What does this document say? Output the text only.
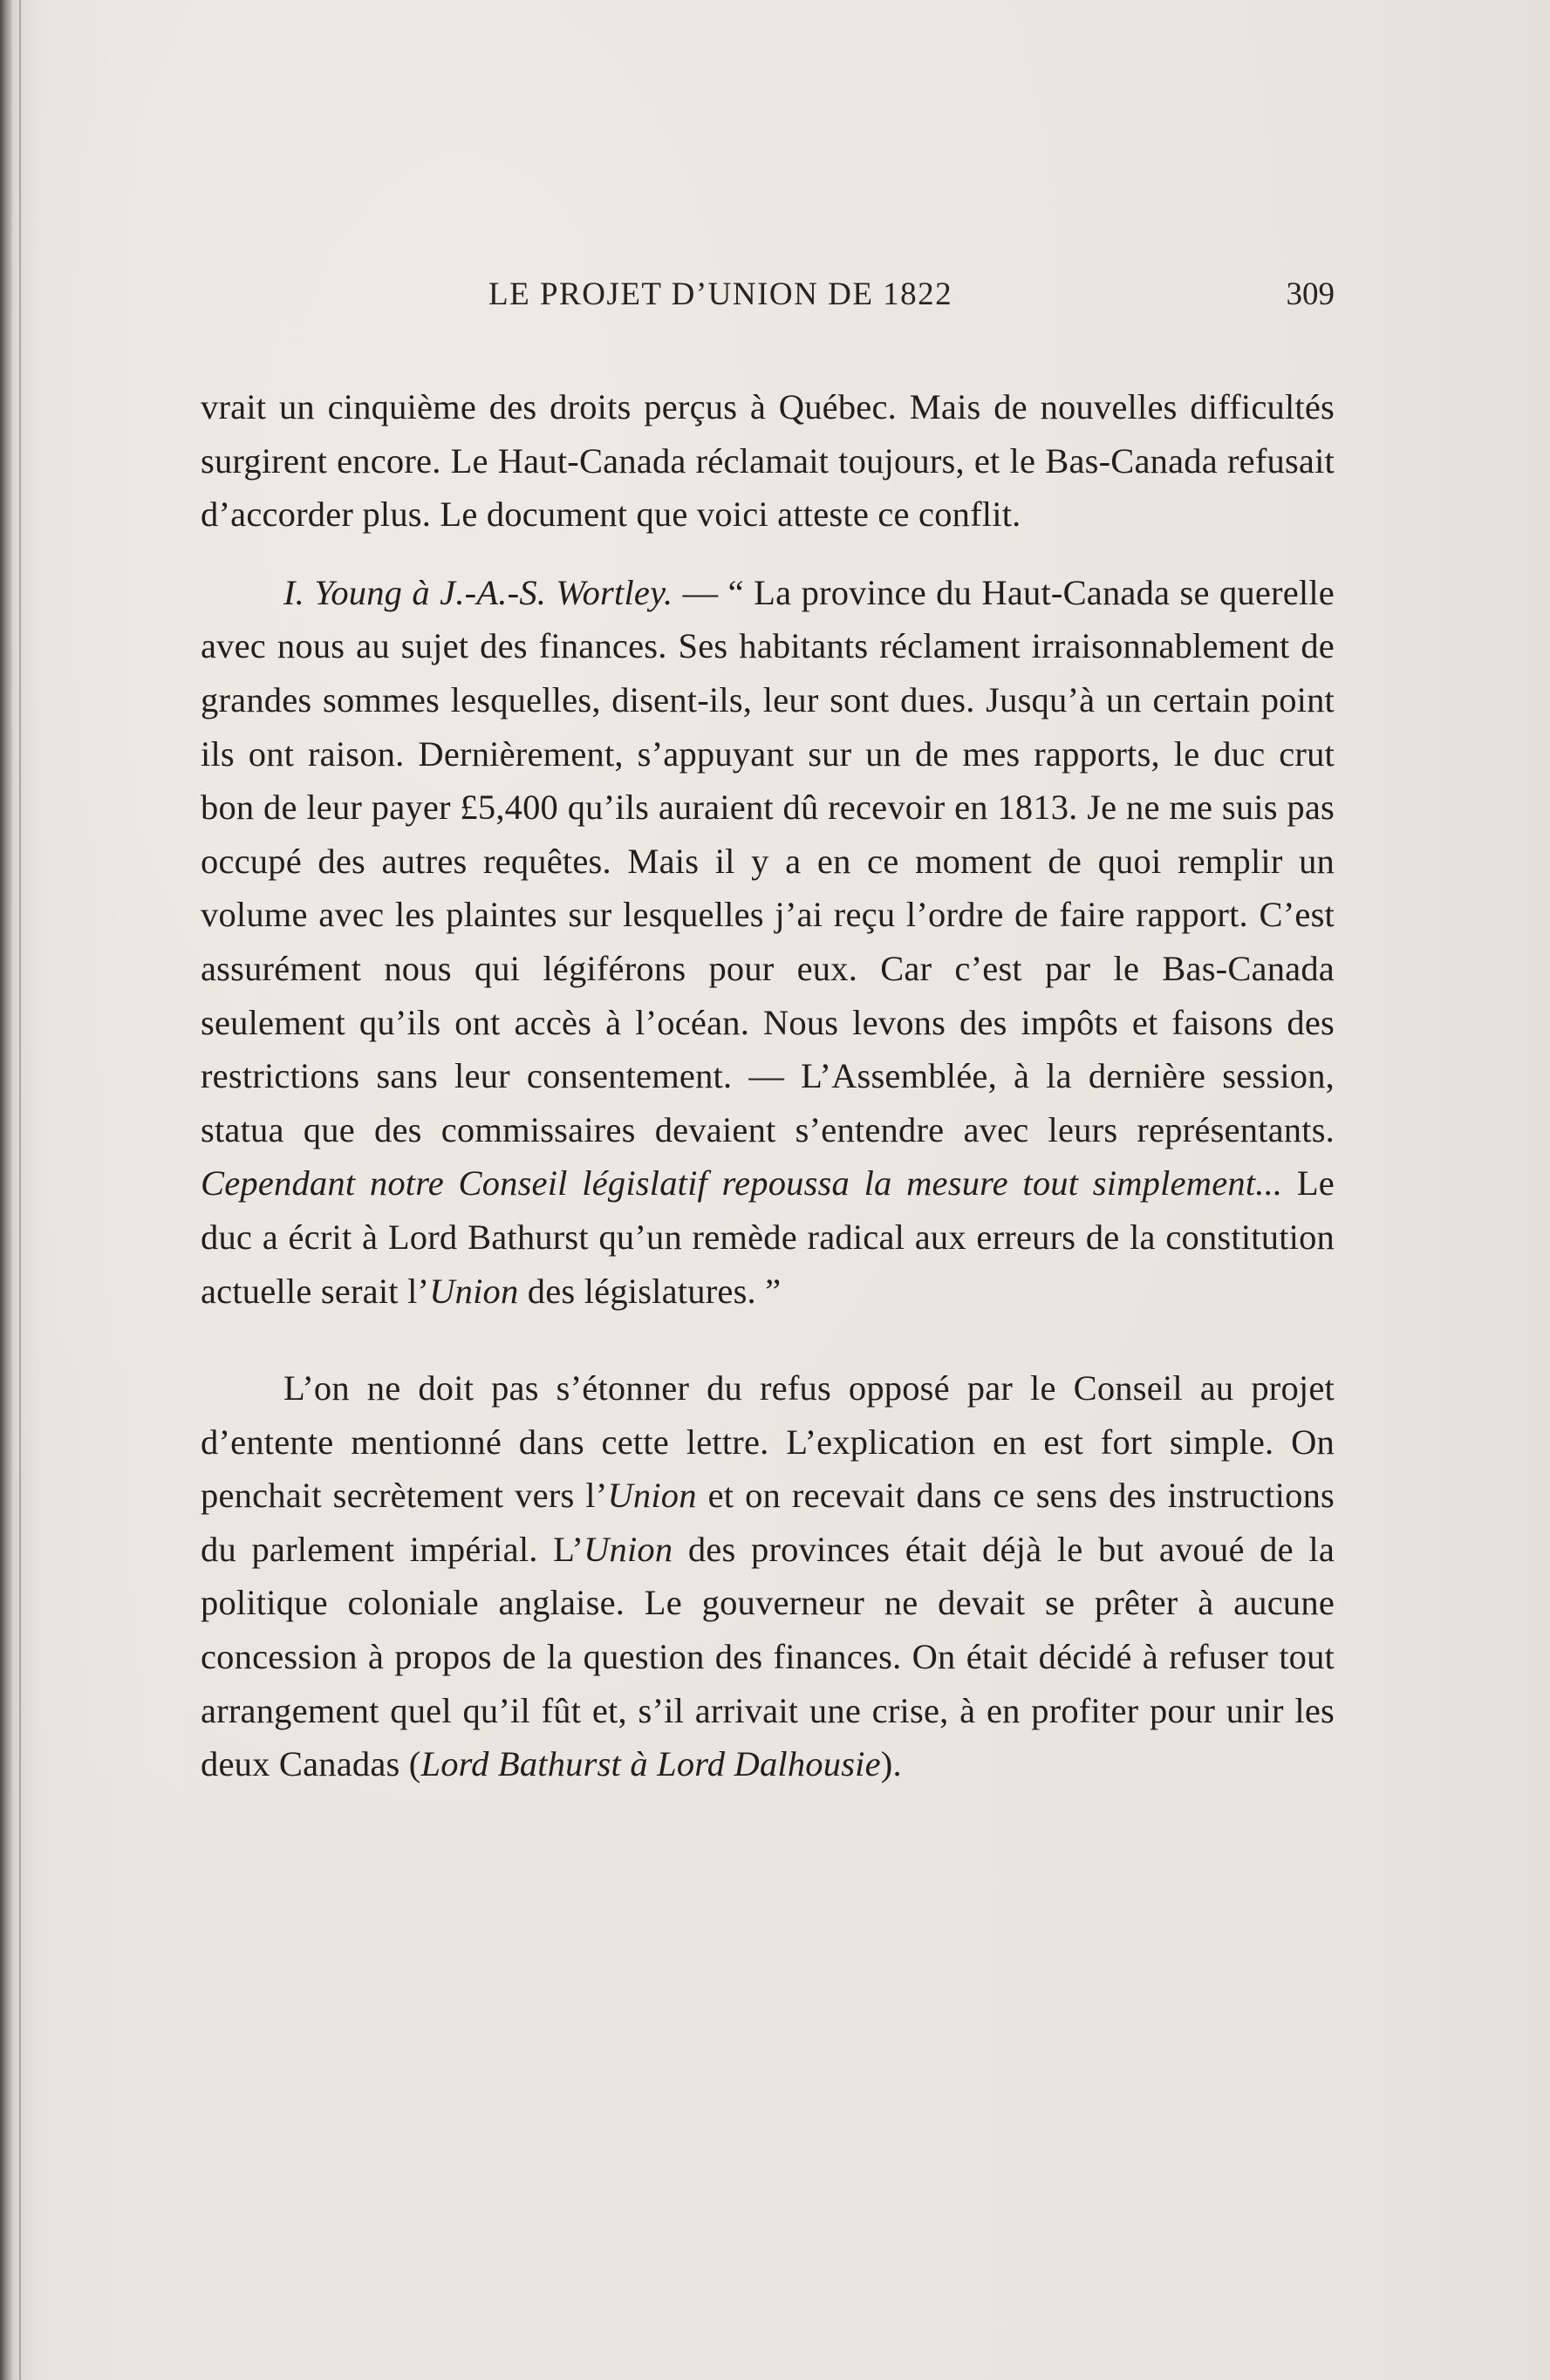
LE PROJET D’UNION DE 1822	309

vrait un cinquième des droits perçus à Québec. Mais de nouvelles difficultés surgirent encore. Le Haut-Canada réclamait toujours, et le Bas-Canada refusait d’accorder plus. Le document que voici atteste ce conflit.

I. Young à J.-A.-S. Wortley. — “ La province du Haut-Canada se querelle avec nous au sujet des finances. Ses habitants réclament irraisonnablement de grandes sommes lesquelles, disent-ils, leur sont dues. Jusqu’à un certain point ils ont raison. Dernièrement, s’appuyant sur un de mes rapports, le duc crut bon de leur payer £5,400 qu’ils auraient dû recevoir en 1813. Je ne me suis pas occupé des autres requêtes. Mais il y a en ce moment de quoi remplir un volume avec les plaintes sur lesquelles j’ai reçu l’ordre de faire rapport. C’est assurément nous qui légiférons pour eux. Car c’est par le Bas-Canada seulement qu’ils ont accès à l’océan. Nous levons des impôts et faisons des restrictions sans leur consentement. — L’Assemblée, à la dernière session, statua que des commissaires devaient s’entendre avec leurs représentants. Cependant notre Conseil législatif repoussa la mesure tout simplement... Le duc a écrit à Lord Bathurst qu’un remède radical aux erreurs de la constitution actuelle serait l’Union des législatures. ”

L’on ne doit pas s’étonner du refus opposé par le Conseil au projet d’entente mentionné dans cette lettre. L’explication en est fort simple. On penchait secrètement vers l’Union et on recevait dans ce sens des instructions du parlement impérial. L’Union des provinces était déjà le but avoué de la politique coloniale anglaise. Le gouverneur ne devait se prêter à aucune concession à propos de la question des finances. On était décidé à refuser tout arrangement quel qu’il fût et, s’il arrivait une crise, à en profiter pour unir les deux Canadas (Lord Bathurst à Lord Dalhousie).
